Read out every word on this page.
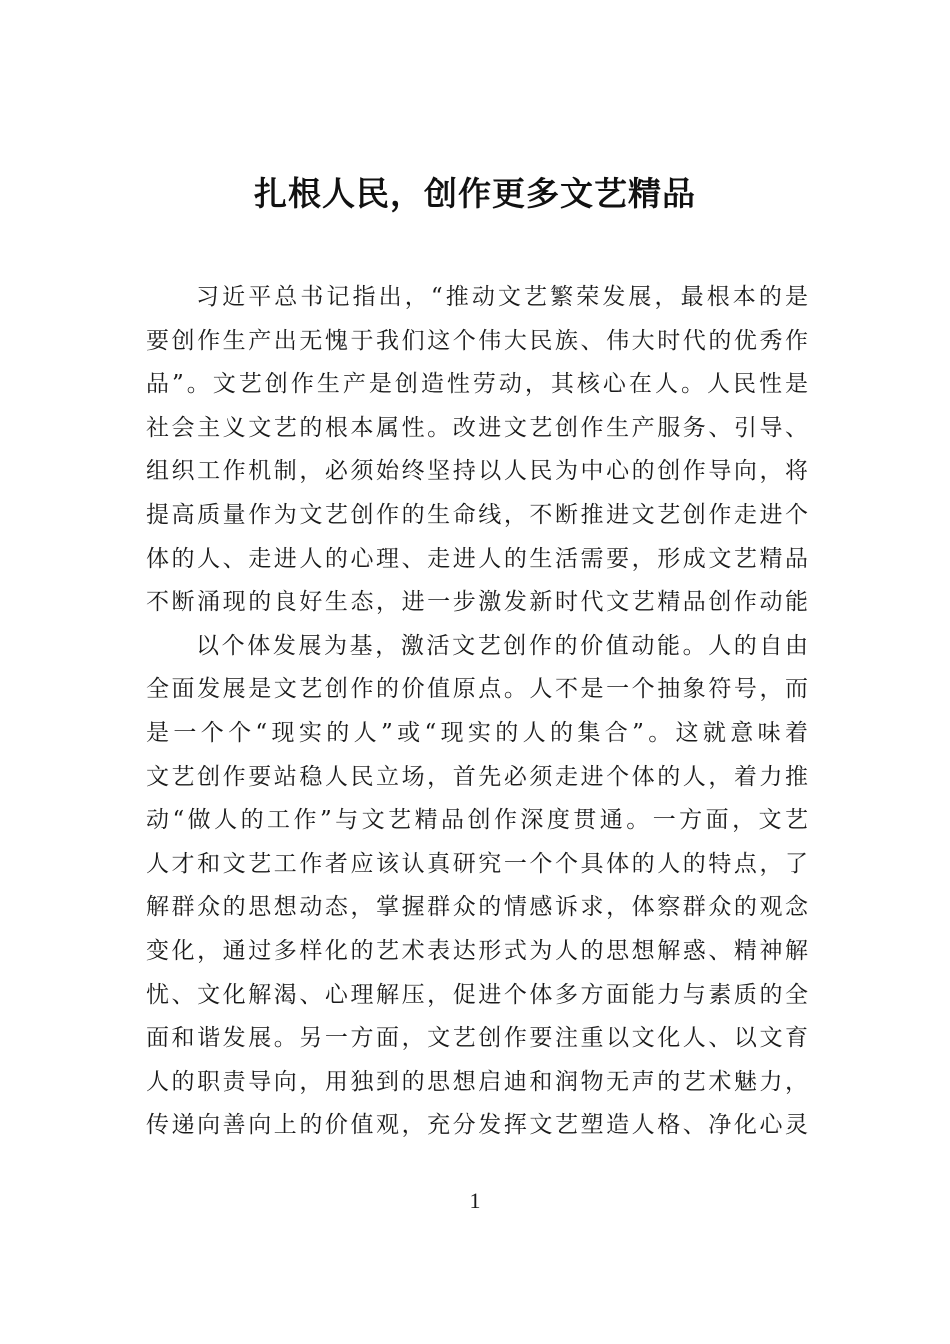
扎根人民，创作更多文艺精品
习近平总书记指出，“推动文艺繁荣发展，最根本的是
要创作生产出无愧于我们这个伟大民族、伟大时代的优秀作
品”。文艺创作生产是创造性劳动，其核心在人。人民性是
社会主义文艺的根本属性。改进文艺创作生产服务、引导、
组织工作机制，必须始终坚持以人民为中心的创作导向，将
提高质量作为文艺创作的生命线，不断推进文艺创作走进个
体的人、走进人的心理、走进人的生活需要，形成文艺精品
不断涌现的良好生态，进一步激发新时代文艺精品创作动能
以个体发展为基，激活文艺创作的价值动能。人的自由
全面发展是文艺创作的价值原点。人不是一个抽象符号，而
是一个个“现实的人”或“现实的人的集合”。这就意味着
文艺创作要站稳人民立场，首先必须走进个体的人，着力推
动“做人的工作”与文艺精品创作深度贯通。一方面，文艺
人才和文艺工作者应该认真研究一个个具体的人的特点，了
解群众的思想动态，掌握群众的情感诉求，体察群众的观念
变化，通过多样化的艺术表达形式为人的思想解惑、精神解
忧、文化解渴、心理解压，促进个体多方面能力与素质的全
面和谐发展。另一方面，文艺创作要注重以文化人、以文育
人的职责导向，用独到的思想启迪和润物无声的艺术魅力，
传递向善向上的价值观，充分发挥文艺塑造人格、净化心灵
1
